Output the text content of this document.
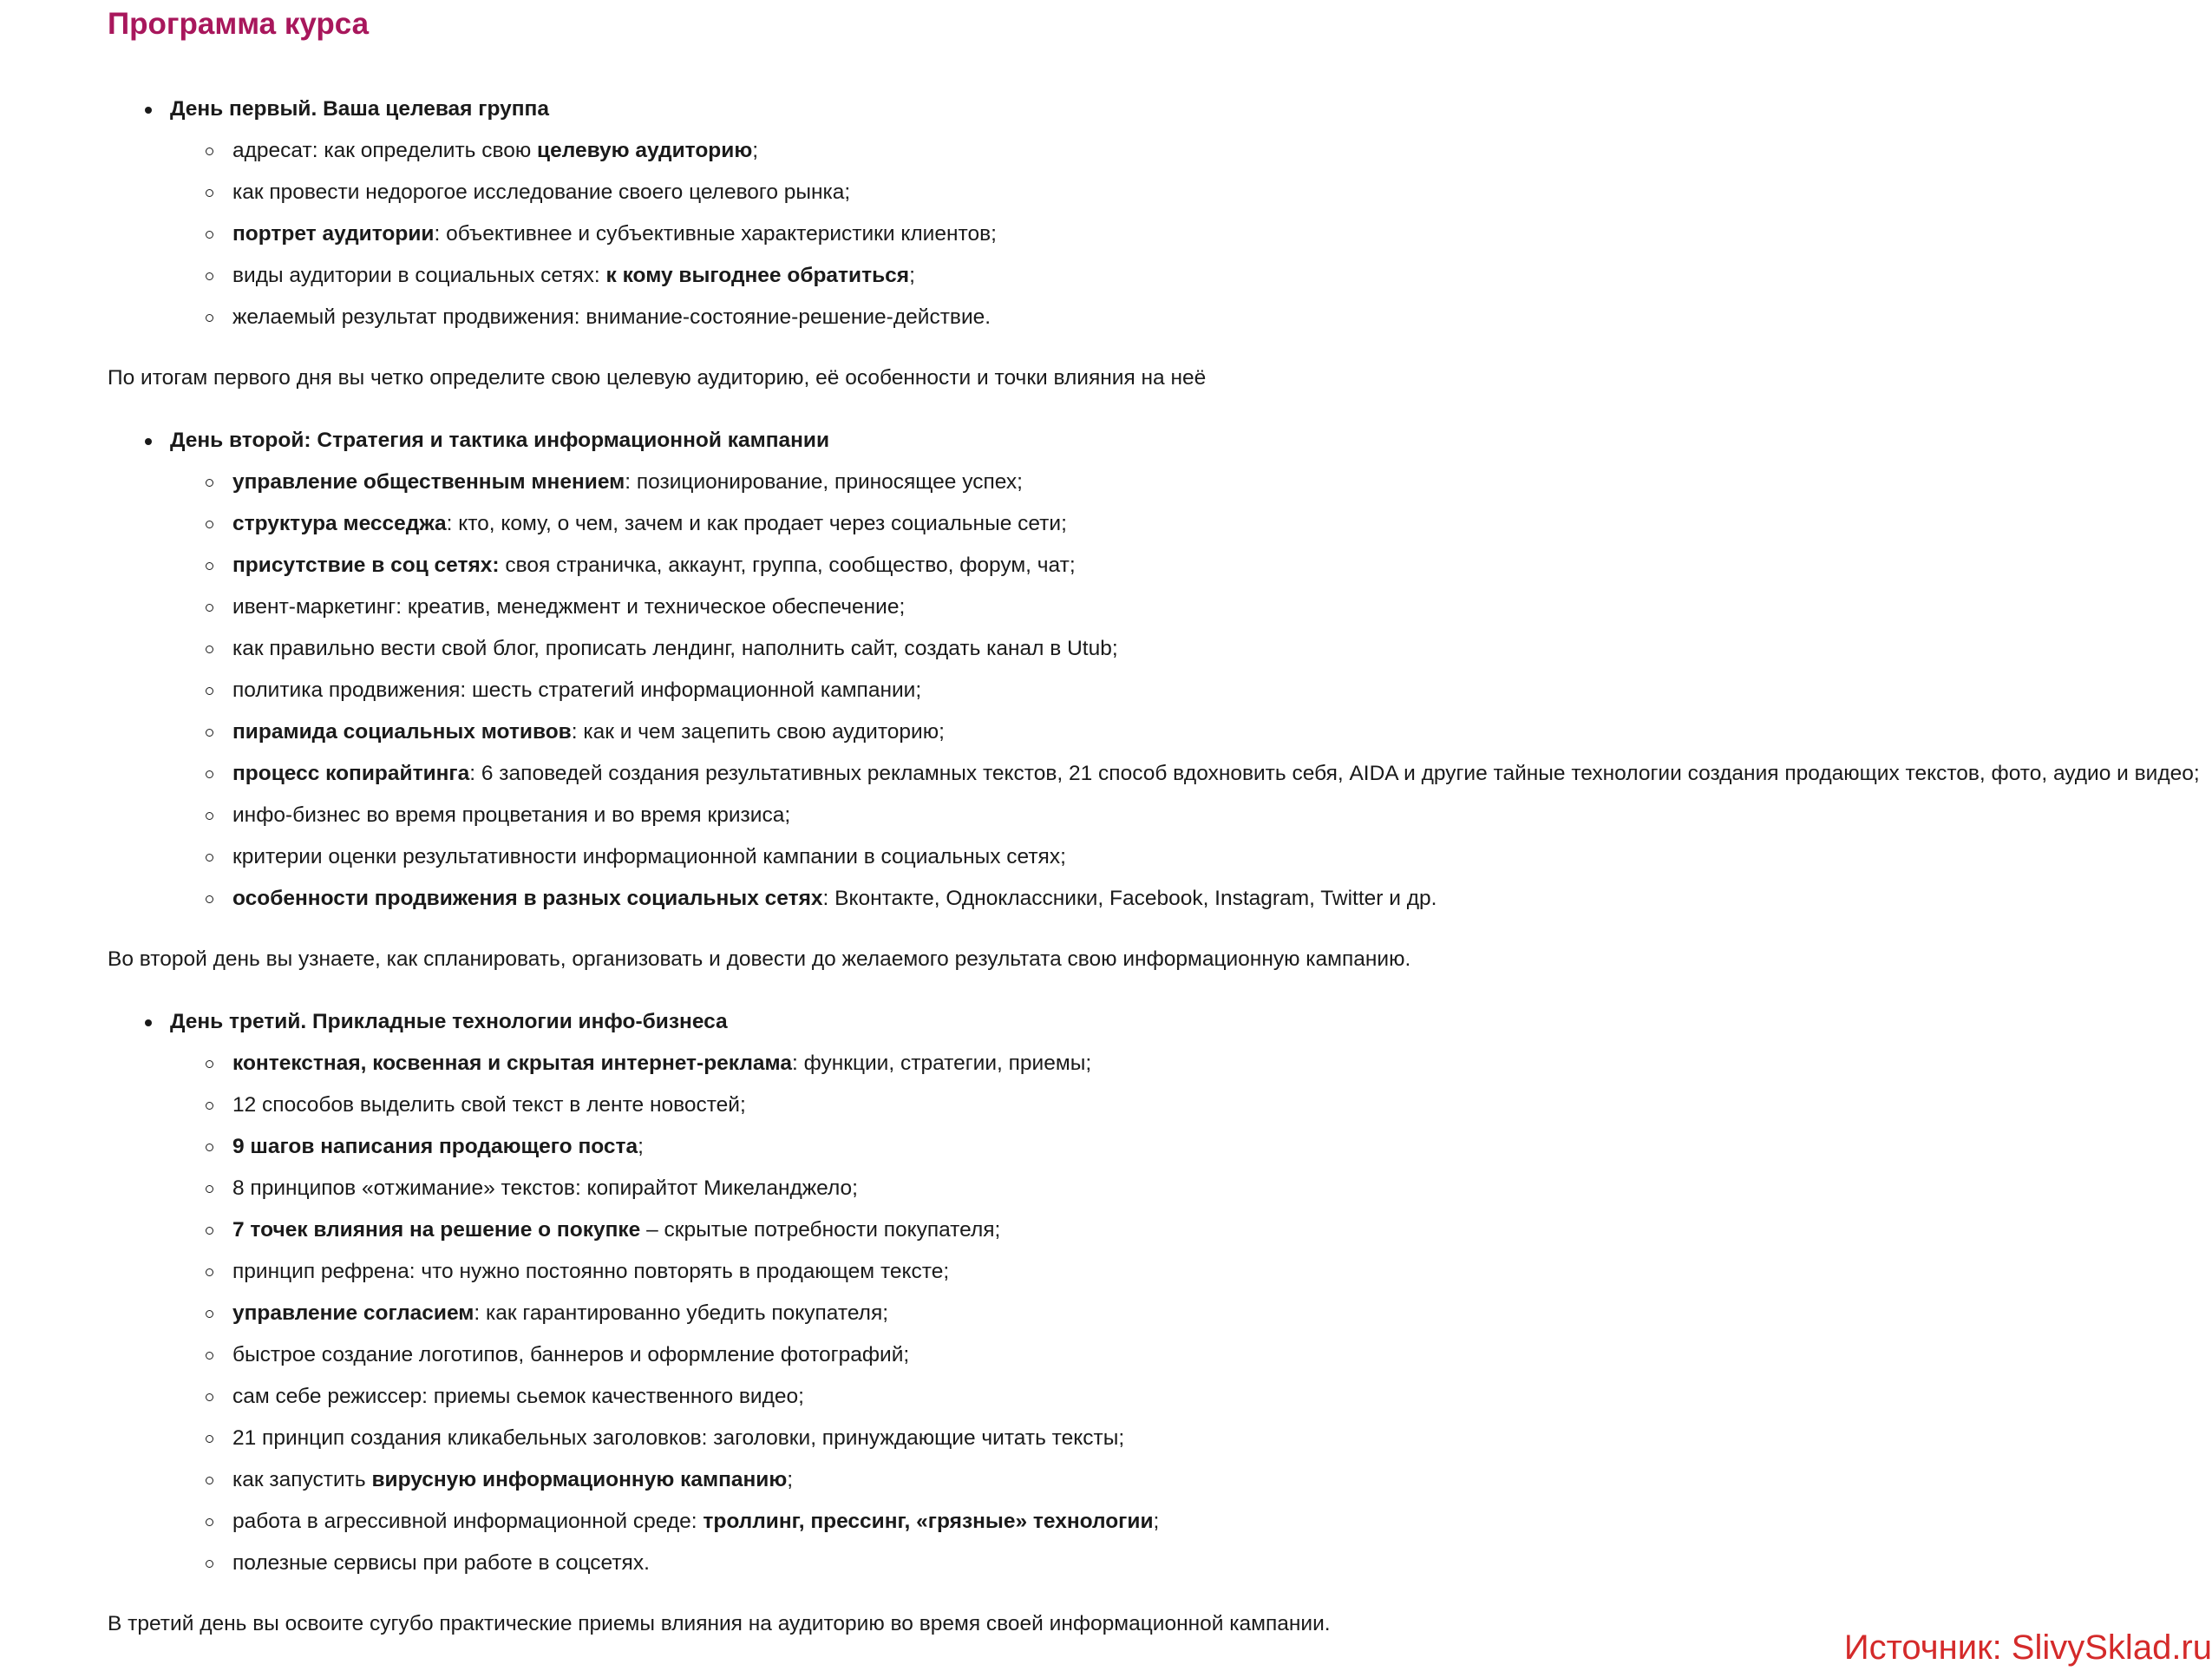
Программа курса
День первый. Ваша целевая группа
адресат: как определить свою целевую аудиторию;
как провести недорогое исследование своего целевого рынка;
портрет аудитории: объективнее и субъективные характеристики клиентов;
виды аудитории в социальных сетях: к кому выгоднее обратиться;
желаемый результат продвижения: внимание-состояние-решение-действие.

По итогам первого дня вы четко определите свою целевую аудиторию, её особенности и точки влияния на неё

День второй: Стратегия и тактика информационной кампании
управление общественным мнением: позиционирование, приносящее успех;
структура месседжа: кто, кому, о чем, зачем и как продает через социальные сети;
присутствие в соц сетях: своя страничка, аккаунт, группа, сообщество, форум, чат;
ивент-маркетинг: креатив, менеджмент и техническое обеспечение;
как правильно вести свой блог, прописать лендинг, наполнить сайт, создать канал в Utub;
политика продвижения: шесть стратегий информационной кампании;
пирамида социальных мотивов: как и чем зацепить свою аудиторию;
процесс копирайтинга: 6 заповедей создания результативных рекламных текстов, 21 способ вдохновить себя, AIDA и другие тайные технологии создания продающих текстов, фото, аудио и видео;
инфо-бизнес во время процветания и во время кризиса;
критерии оценки результативности информационной кампании в социальных сетях;
особенности продвижения в разных социальных сетях: Вконтакте, Одноклассники, Facebook, Instagram, Twitter и др.

Во второй день вы узнаете, как спланировать, организовать и довести до желаемого результата свою информационную кампанию.

День третий. Прикладные технологии инфо-бизнеса
контекстная, косвенная и скрытая интернет-реклама: функции, стратегии, приемы;
12 способов выделить свой текст в ленте новостей;
9 шагов написания продающего поста;
8 принципов «отжимание» текстов: копирайтот Микеланджело;
7 точек влияния на решение о покупке – скрытые потребности покупателя;
принцип рефрена: что нужно постоянно повторять в продающем тексте;
управление согласием: как гарантированно убедить покупателя;
быстрое создание логотипов, баннеров и оформление фотографий;
сам себе режиссер: приемы сьемок качественного видео;
21 принцип создания кликабельных заголовков: заголовки, принуждающие читать тексты;
как запустить вирусную информационную кампанию;
работа в агрессивной информационной среде: троллинг, прессинг, «грязные» технологии;
полезные сервисы при работе в соцсетях.

В третий день вы освоите сугубо практические приемы влияния на аудиторию во время своей информационной кампании.

Источник: SlivySklad.ru
